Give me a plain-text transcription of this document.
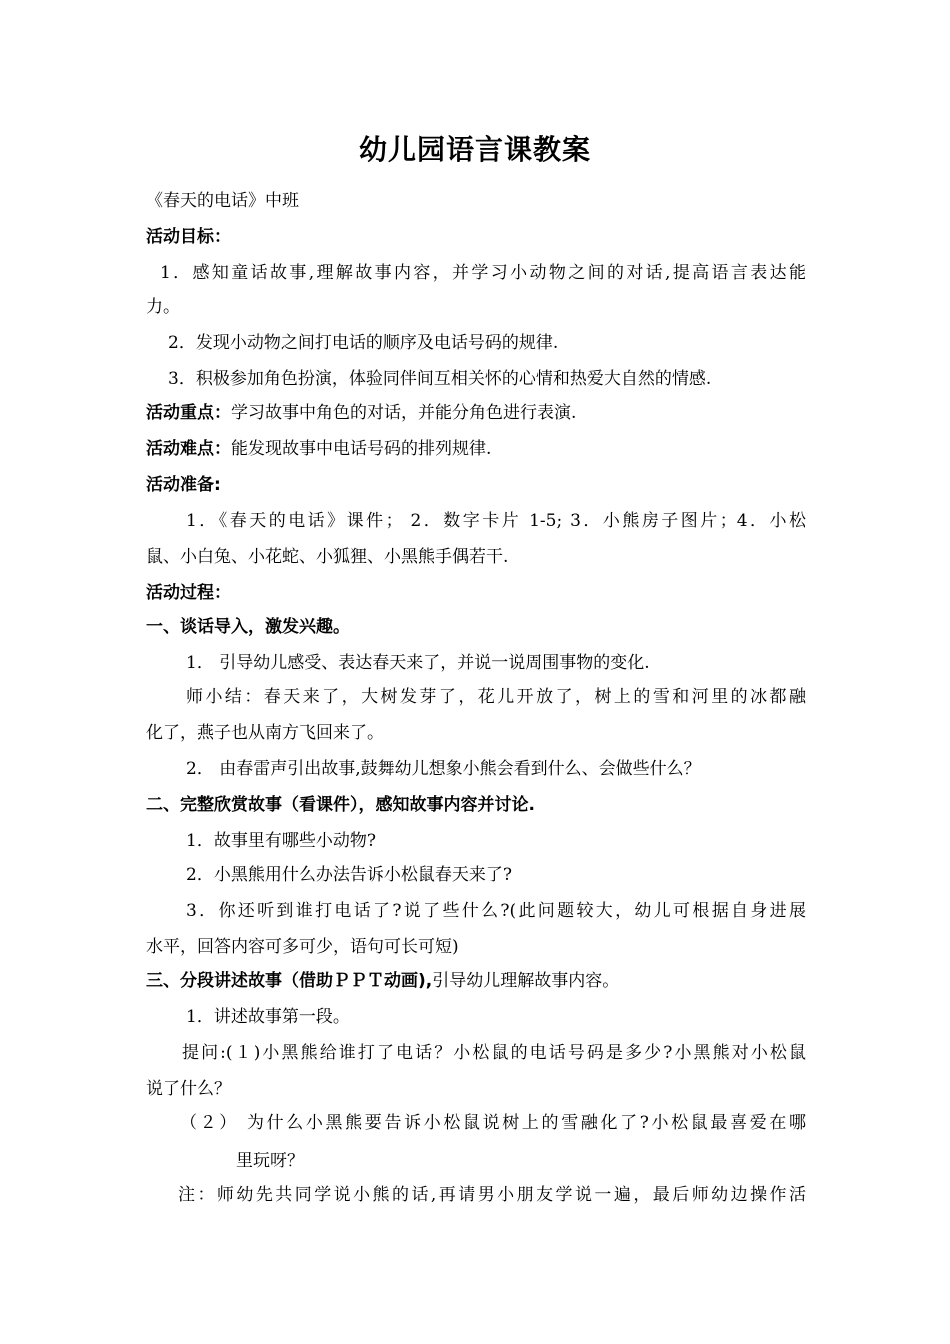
幼儿园语言课教案
《春天的电话》中班
活动目标：
1．感知童话故事,理解故事内容，并学习小动物之间的对话,提高语言表达能
力。
2．发现小动物之间打电话的顺序及电话号码的规律.
3．积极参加角色扮演，体验同伴间互相关怀的心情和热爱大自然的情感.
活动重点：学习故事中角色的对话，并能分角色进行表演.
活动难点：能发现故事中电话号码的排列规律.
活动准备:
1．《春天的电话》课件； 2．数字卡片 1-5; 3．小熊房子图片；4．小松
鼠、小白兔、小花蛇、小狐狸、小黑熊手偶若干.
活动过程：
一、谈话导入，激发兴趣。
1． 引导幼儿感受、表达春天来了，并说一说周围事物的变化.
师小结：春天来了，大树发芽了，花儿开放了，树上的雪和河里的冰都融
化了，燕子也从南方飞回来了。
2． 由春雷声引出故事,鼓舞幼儿想象小熊会看到什么、会做些什么？
二、完整欣赏故事（看课件），感知故事内容并讨论.
1．故事里有哪些小动物?
2．小黑熊用什么办法告诉小松鼠春天来了?
3．你还听到谁打电话了?说了些什么?(此问题较大，幼儿可根据自身进展
水平，回答内容可多可少，语句可长可短)
三、分段讲述故事（借助ＰＰＴ动画),引导幼儿理解故事内容。
1．讲述故事第一段。
提问:(１)小黑熊给谁打了电话？小松鼠的电话号码是多少?小黑熊对小松鼠
说了什么？
（２） 为什么小黑熊要告诉小松鼠说树上的雪融化了?小松鼠最喜爱在哪
里玩呀？
注：师幼先共同学说小熊的话,再请男小朋友学说一遍，最后师幼边操作活
